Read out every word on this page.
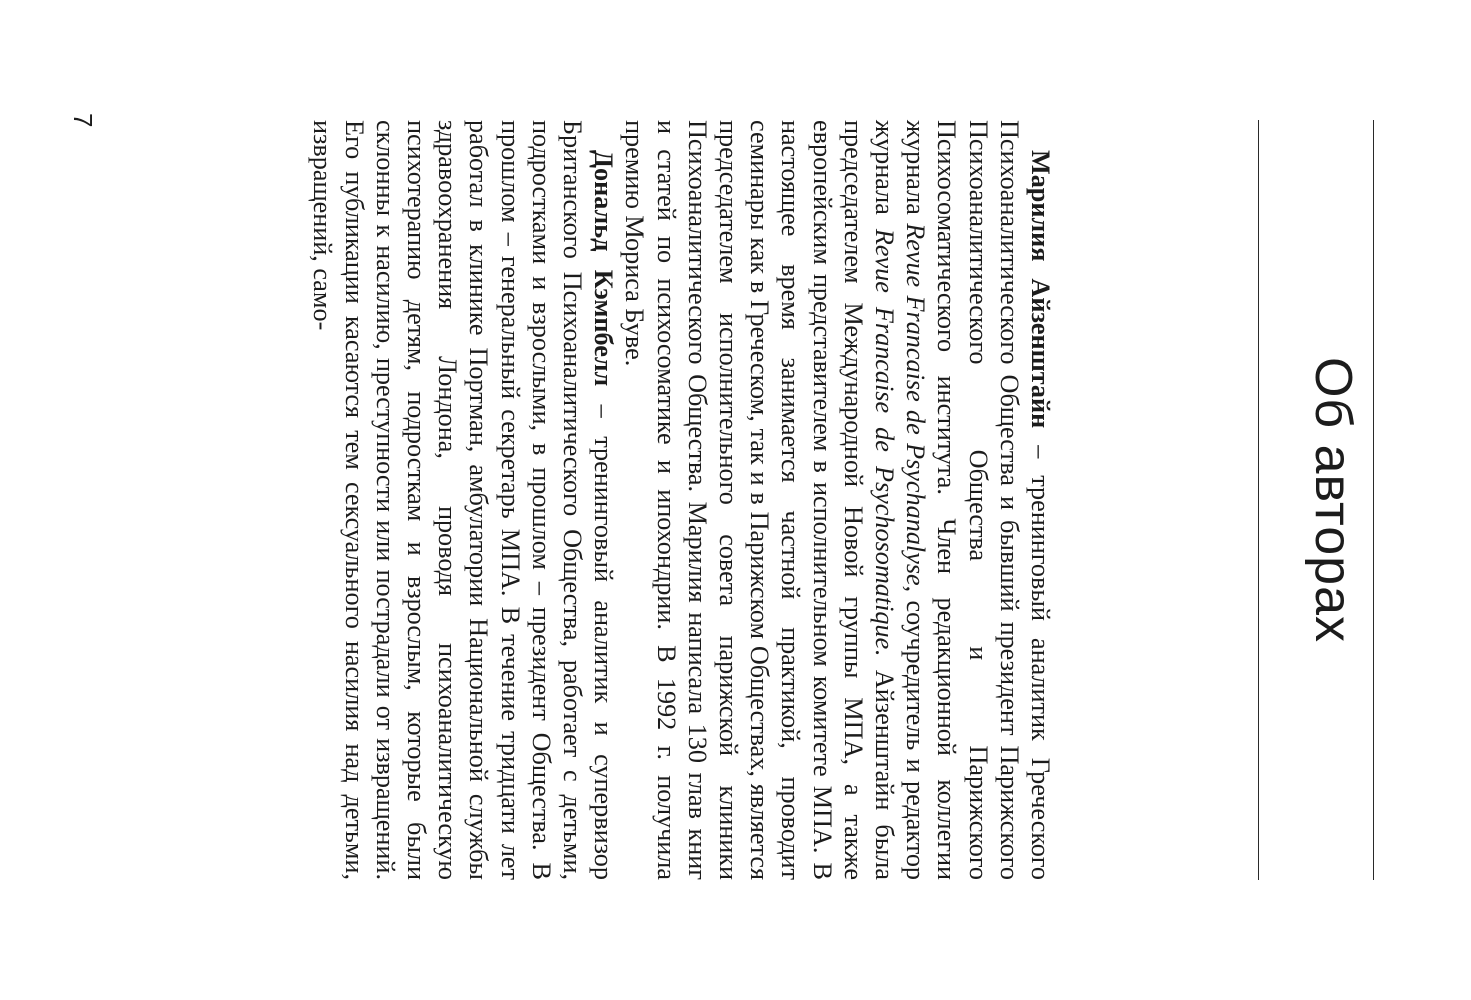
Об авторах

Марилия Айзенштайн – тренинговый аналитик Греческого Психоаналитического Общества и бывший президент Парижского Психоаналитического Общества и Парижского Психосоматического института. Член редакционной коллегии журнала Revue Francaise de Psychanalyse, соучредитель и редактор журнала Revue Francaise de Psychosomatique. Айзенштайн была председателем Международной Новой группы МПА, а также европейским представителем в исполнительном комитете МПА. В настоящее время занимается частной практикой, проводит семинары как в Греческом, так и в Парижском Обществах, является председателем исполнительного совета парижской клиники Психоаналитического Общества. Марилия написала 130 глав книг и статей по психосоматике и ипохондрии. В 1992 г. получила премию Мориса Буве.

Дональд Кэмпбелл – тренинговый аналитик и супервизор Британского Психоаналитического Общества, работает с детьми, подростками и взрослыми, в прошлом – президент Общества. В прошлом – генеральный секретарь МПА. В течение тридцати лет работал в клинике Портман, амбулатории Национальной службы здравоохранения Лондона, проводя психоаналитическую психотерапию детям, подросткам и взрослым, которые были склонны к насилию, преступности или пострадали от извращений. Его публикации касаются тем сексуального насилия над детьми, извращений, само-

7
